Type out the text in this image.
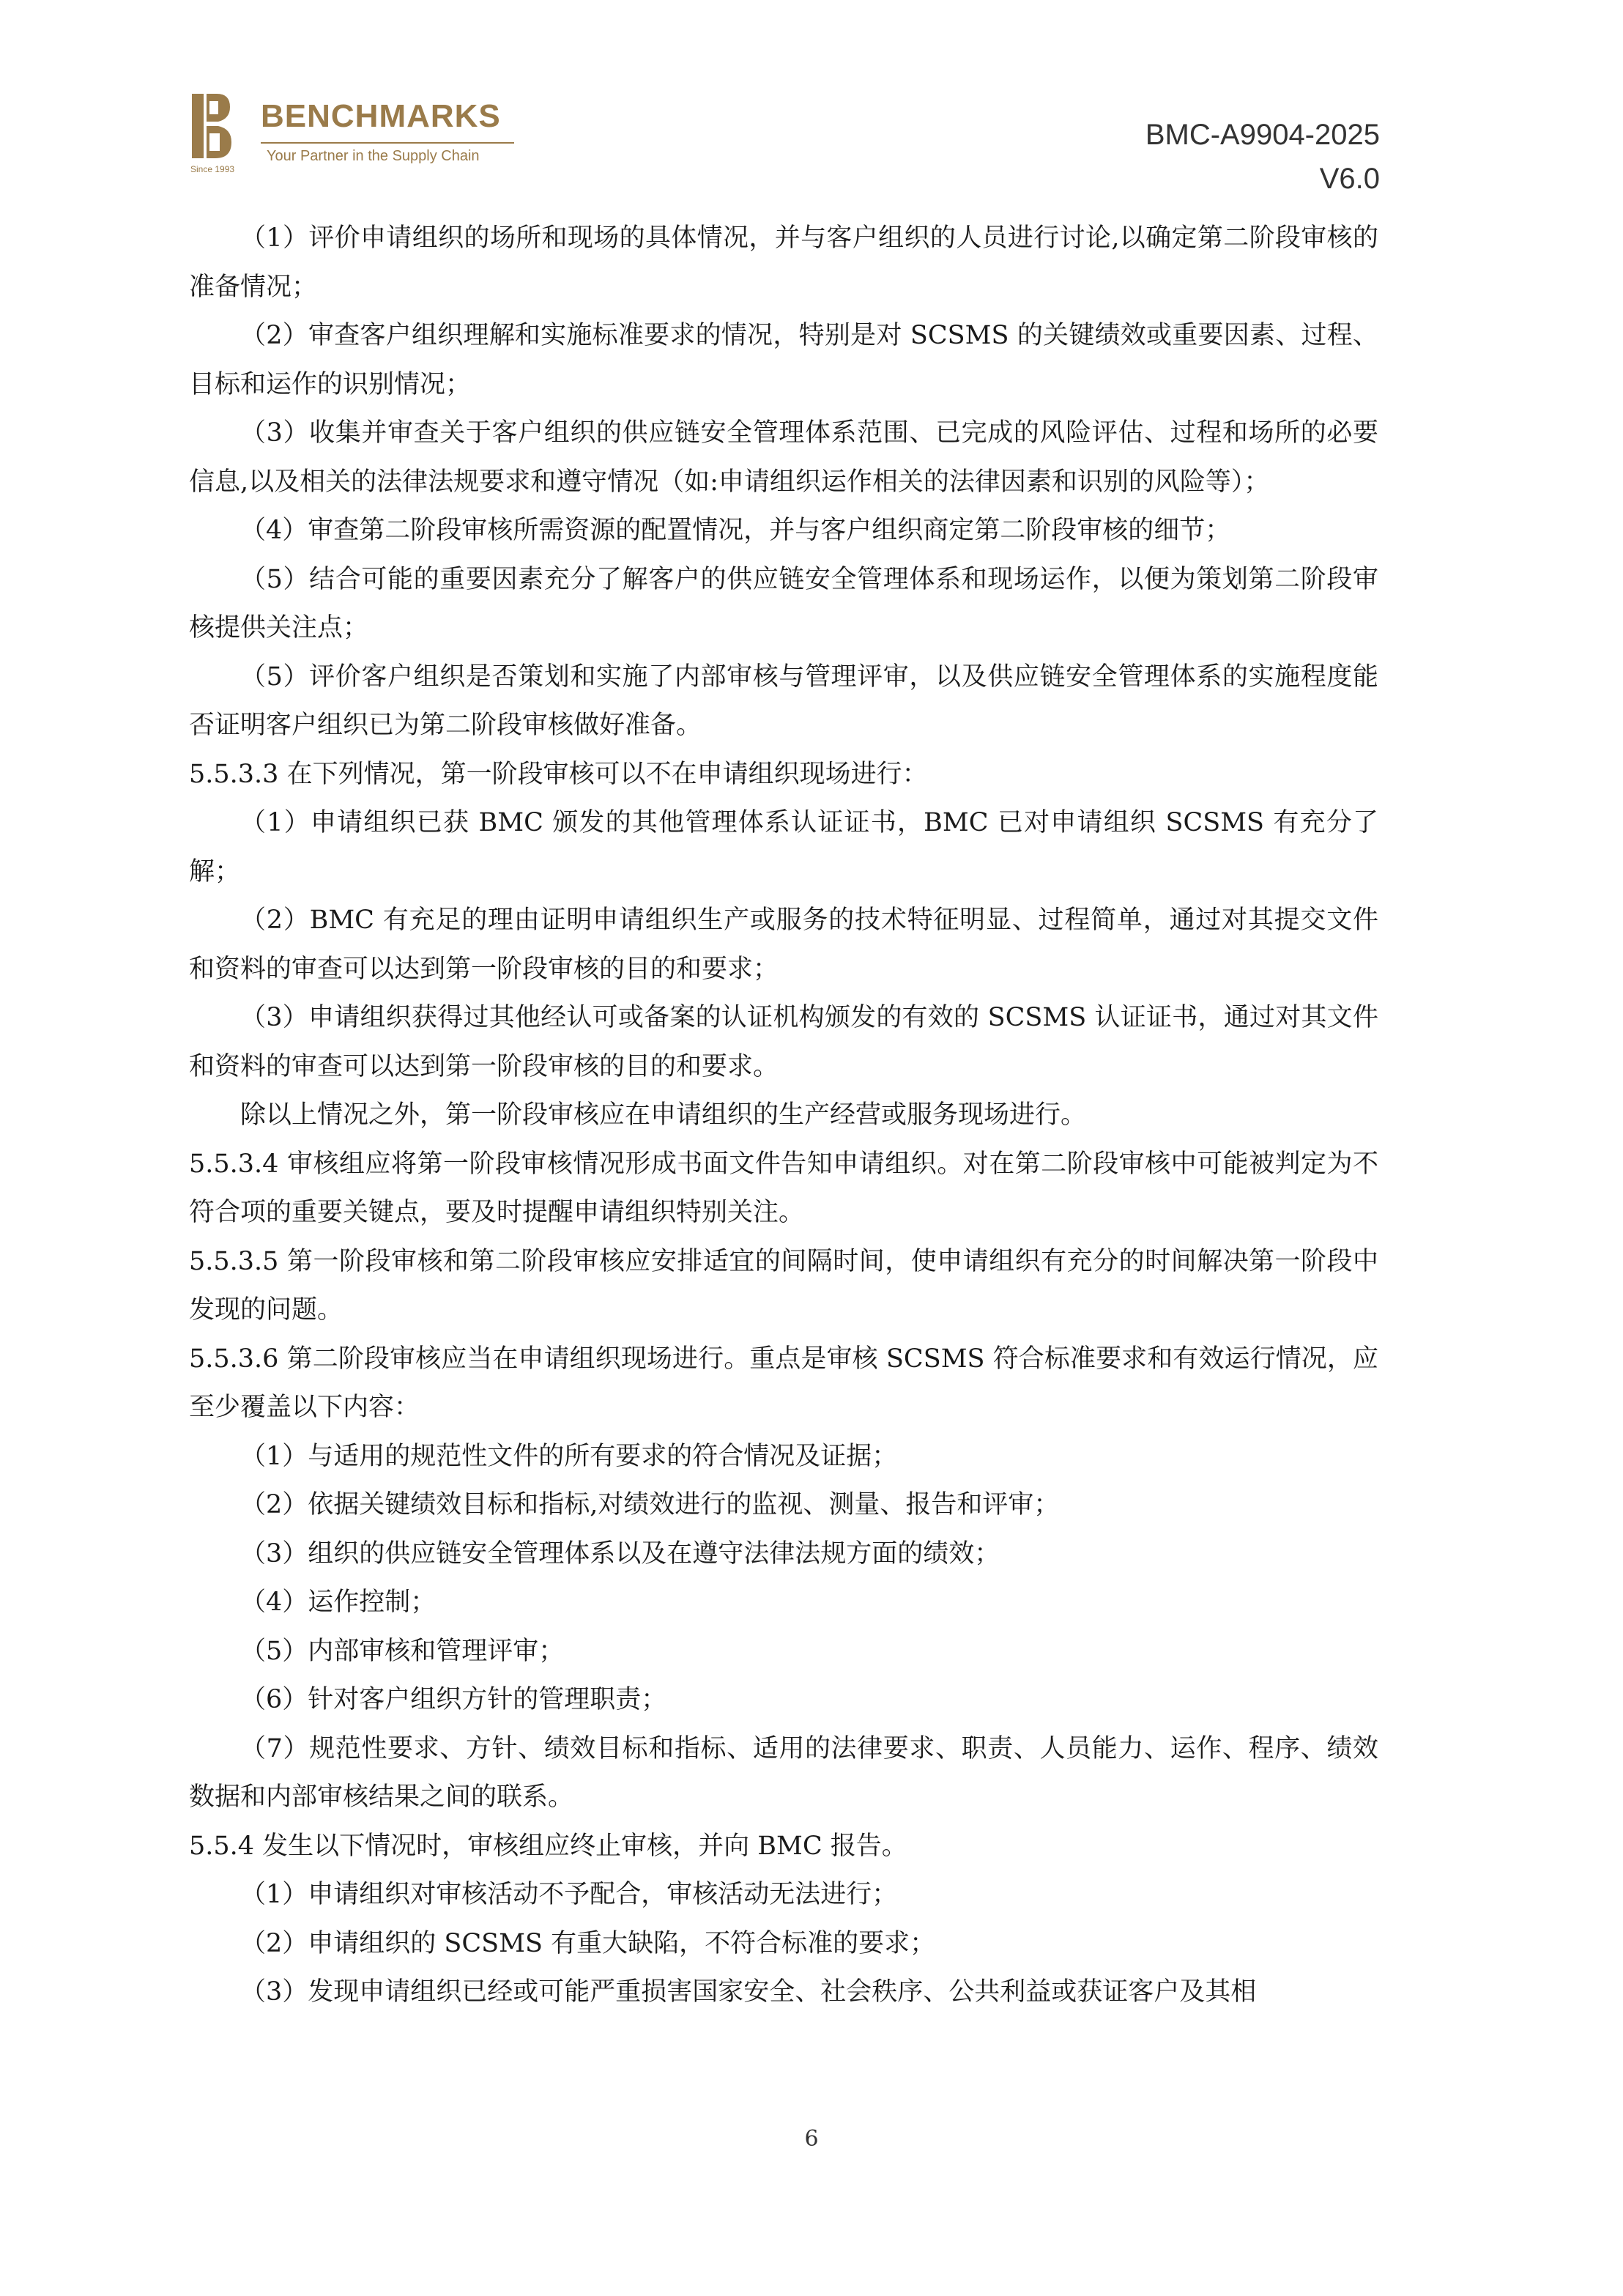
BENCHMARKS
Your Partner in the Supply Chain
Since 1993
BMC-A9904-2025
V6.0

（1）评价申请组织的场所和现场的具体情况，并与客户组织的人员进行讨论,以确定第二阶段审核的准备情况；

（2）审查客户组织理解和实施标准要求的情况，特别是对 SCSMS 的关键绩效或重要因素、过程、目标和运作的识别情况；

（3）收集并审查关于客户组织的供应链安全管理体系范围、已完成的风险评估、过程和场所的必要信息,以及相关的法律法规要求和遵守情况（如:申请组织运作相关的法律因素和识别的风险等）；

（4）审查第二阶段审核所需资源的配置情况，并与客户组织商定第二阶段审核的细节；

（5）结合可能的重要因素充分了解客户的供应链安全管理体系和现场运作，以便为策划第二阶段审核提供关注点；

（5）评价客户组织是否策划和实施了内部审核与管理评审，以及供应链安全管理体系的实施程度能否证明客户组织已为第二阶段审核做好准备。

5.5.3.3 在下列情况，第一阶段审核可以不在申请组织现场进行：

（1）申请组织已获 BMC 颁发的其他管理体系认证证书，BMC 已对申请组织 SCSMS 有充分了解；

（2）BMC 有充足的理由证明申请组织生产或服务的技术特征明显、过程简单，通过对其提交文件和资料的审查可以达到第一阶段审核的目的和要求；

（3）申请组织获得过其他经认可或备案的认证机构颁发的有效的 SCSMS 认证证书，通过对其文件和资料的审查可以达到第一阶段审核的目的和要求。

除以上情况之外，第一阶段审核应在申请组织的生产经营或服务现场进行。

5.5.3.4 审核组应将第一阶段审核情况形成书面文件告知申请组织。对在第二阶段审核中可能被判定为不符合项的重要关键点，要及时提醒申请组织特别关注。

5.5.3.5 第一阶段审核和第二阶段审核应安排适宜的间隔时间，使申请组织有充分的时间解决第一阶段中发现的问题。

5.5.3.6 第二阶段审核应当在申请组织现场进行。重点是审核 SCSMS 符合标准要求和有效运行情况，应至少覆盖以下内容：

（1）与适用的规范性文件的所有要求的符合情况及证据；

（2）依据关键绩效目标和指标,对绩效进行的监视、测量、报告和评审；

（3）组织的供应链安全管理体系以及在遵守法律法规方面的绩效；

（4）运作控制；

（5）内部审核和管理评审；

（6）针对客户组织方针的管理职责；

（7）规范性要求、方针、绩效目标和指标、适用的法律要求、职责、人员能力、运作、程序、绩效数据和内部审核结果之间的联系。

5.5.4 发生以下情况时，审核组应终止审核，并向 BMC 报告。

（1）申请组织对审核活动不予配合，审核活动无法进行；

（2）申请组织的 SCSMS 有重大缺陷，不符合标准的要求；

（3）发现申请组织已经或可能严重损害国家安全、社会秩序、公共利益或获证客户及其相

6
